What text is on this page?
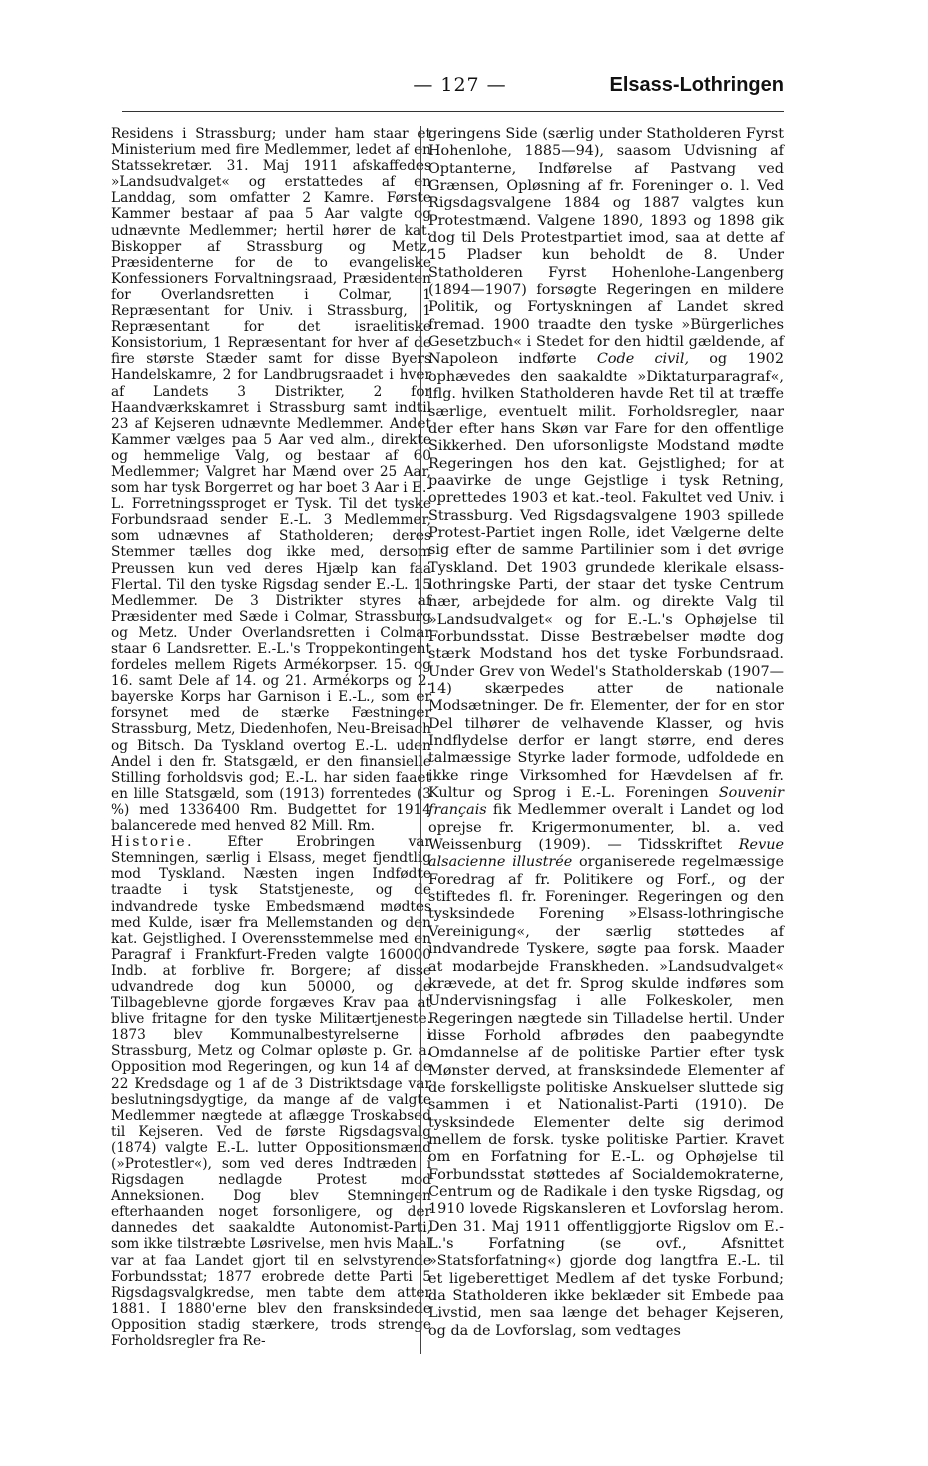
— 127 —	Elsass-Lothringen

Residens i Strassburg; under ham staar et Ministerium med fire Medlemmer, ledet af en Statssekretær. 31. Maj 1911 afskaffedes »Landsudvalget« og erstattedes af en Landdag, som omfatter 2 Kamre. Første Kammer bestaar af paa 5 Aar valgte og udnævnte Medlemmer; hertil hører de kat. Biskopper af Strassburg og Metz, Præsidenterne for de to evangeliske Konfessioners Forvaltningsraad, Præsidenten for Overlandsretten i Colmar, 1 Repræsentant for Univ. i Strassburg, 1 Repræsentant for det israelitiske Konsistorium, 1 Repræsentant for hver af de fire største Stæder samt for disse Byers Handelskamre, 2 for Landbrugsraadet i hver af Landets 3 Distrikter, 2 for Haandværkskamret i Strassburg samt indtil 23 af Kejseren udnævnte Medlemmer. Andet Kammer vælges paa 5 Aar ved alm., direkte og hemmelige Valg, og bestaar af 60 Medlemmer; Valgret har Mænd over 25 Aar, som har tysk Borgerret og har boet 3 Aar i E.-L. Forretningssproget er Tysk. Til det tyske Forbundsraad sender E.-L. 3 Medlemmer, som udnævnes af Statholderen; deres Stemmer tælles dog ikke med, dersom Preussen kun ved deres Hjælp kan faa Flertal. Til den tyske Rigsdag sender E.-L. 15 Medlemmer. De 3 Distrikter styres af Præsidenter med Sæde i Colmar, Strassburg og Metz. Under Overlandsretten i Colmar staar 6 Landsretter. E.-L.'s Troppekontingent fordeles mellem Rigets Armékorpser. 15. og 16. samt Dele af 14. og 21. Armékorps og 2. bayerske Korps har Garnison i E.-L., som er forsynet med de stærke Fæstninger Strassburg, Metz, Diedenhofen, Neu-Breisach og Bitsch. Da Tyskland overtog E.-L. uden Andel i den fr. Statsgæld, er den finansielle Stilling forholdsvis god; E.-L. har siden faaet en lille Statsgæld, som (1913) forrentedes (3 %) med 1336400 Rm. Budgettet for 1914 balancerede med henved 82 Mill. Rm.

Historie. Efter Erobringen var Stemningen, særlig i Elsass, meget fjendtlig mod Tyskland. Næsten ingen Indfødte traadte i tysk Statstjeneste, og de indvandrede tyske Embedsmænd mødtes med Kulde, især fra Mellemstanden og den kat. Gejstlighed. I Overensstemmelse med en Paragraf i Frankfurt-Freden valgte 160000 Indb. at forblive fr. Borgere; af disse udvandrede dog kun 50000, og de Tilbageblevne gjorde forgæves Krav paa at blive fritagne for den tyske Militærtjeneste. 1873 blev Kommunalbestyrelserne i Strassburg, Metz og Colmar opløste p. Gr. a. Opposition mod Regeringen, og kun 14 af de 22 Kredsdage og 1 af de 3 Distriktsdage var beslutningsdygtige, da mange af de valgte Medlemmer nægtede at aflægge Troskabsed til Kejseren. Ved de første Rigsdagsvalg (1874) valgte E.-L. lutter Oppositionsmænd (»Protestler«), som ved deres Indtræden i Rigsdagen nedlagde Protest mod Anneksionen. Dog blev Stemningen efterhaanden noget forsonligere, og der dannedes det saakaldte Autonomist-Parti, som ikke tilstræbte Løsrivelse, men hvis Maal var at faa Landet gjort til en selvstyrende Forbundsstat; 1877 erobrede dette Parti 5 Rigsdagsvalgkredse, men tabte dem atter 1881. I 1880'erne blev den fransksindede Opposition stadig stærkere, trods strenge Forholdsregler fra Re-

geringens Side (særlig under Statholderen Fyrst Hohenlohe, 1885—94), saasom Udvisning af Optanterne, Indførelse af Pastvang ved Grænsen, Opløsning af fr. Foreninger o. l. Ved Rigsdagsvalgene 1884 og 1887 valgtes kun Protestmænd. Valgene 1890, 1893 og 1898 gik dog til Dels Protestpartiet imod, saa at dette af 15 Pladser kun beholdt de 8. Under Statholderen Fyrst Hohenlohe-Langenberg (1894—1907) forsøgte Regeringen en mildere Politik, og Fortyskningen af Landet skred fremad. 1900 traadte den tyske »Bürgerliches Gesetzbuch« i Stedet for den hidtil gældende, af Napoleon indførte Code civil, og 1902 ophævedes den saakaldte »Diktaturparagraf«, iflg. hvilken Statholderen havde Ret til at træffe særlige, eventuelt milit. Forholdsregler, naar der efter hans Skøn var Fare for den offentlige Sikkerhed. Den uforsonligste Modstand mødte Regeringen hos den kat. Gejstlighed; for at paavirke de unge Gejstlige i tysk Retning, oprettedes 1903 et kat.-teol. Fakultet ved Univ. i Strassburg. Ved Rigsdagsvalgene 1903 spillede Protest-Partiet ingen Rolle, idet Vælgerne delte sig efter de samme Partilinier som i det øvrige Tyskland. Det 1903 grundede klerikale elsass-lothringske Parti, der staar det tyske Centrum nær, arbejdede for alm. og direkte Valg til »Landsudvalget« og for E.-L.'s Ophøjelse til Forbundsstat. Disse Bestræbelser mødte dog stærk Modstand hos det tyske Forbundsraad. Under Grev von Wedel's Statholderskab (1907—14) skærpedes atter de nationale Modsætninger. De fr. Elementer, der for en stor Del tilhører de velhavende Klasser, og hvis Indflydelse derfor er langt større, end deres talmæssige Styrke lader formode, udfoldede en ikke ringe Virksomhed for Hævdelsen af fr. Kultur og Sprog i E.-L. Foreningen Souvenir français fik Medlemmer overalt i Landet og lod oprejse fr. Krigermonumenter, bl. a. ved Weissenburg (1909). — Tidsskriftet Revue alsacienne illustrée organiserede regelmæssige Foredrag af fr. Politikere og Forf., og der stiftedes fl. fr. Foreninger. Regeringen og den tysksindede Forening »Elsass-lothringische Vereinigung«, der særlig støttedes af indvandrede Tyskere, søgte paa forsk. Maader at modarbejde Franskheden. »Landsudvalget« krævede, at det fr. Sprog skulde indføres som Undervisningsfag i alle Folkeskoler, men Regeringen nægtede sin Tilladelse hertil. Under disse Forhold afbrødes den paabegyndte Omdannelse af de politiske Partier efter tysk Mønster derved, at fransksindede Elementer af de forskelligste politiske Anskuelser sluttede sig sammen i et Nationalist-Parti (1910). De tysksindede Elementer delte sig derimod mellem de forsk. tyske politiske Partier. Kravet om en Forfatning for E.-L. og Ophøjelse til Forbundsstat støttedes af Socialdemokraterne, Centrum og de Radikale i den tyske Rigsdag, og 1910 lovede Rigskansleren et Lovforslag herom. Den 31. Maj 1911 offentliggjorte Rigslov om E.-L.'s Forfatning (se ovf., Afsnittet »Statsforfatning«) gjorde dog langtfra E.-L. til et ligeberettiget Medlem af det tyske Forbund; da Statholderen ikke beklæder sit Embede paa Livstid, men saa længe det behager Kejseren, og da de Lovforslag, som vedtages
